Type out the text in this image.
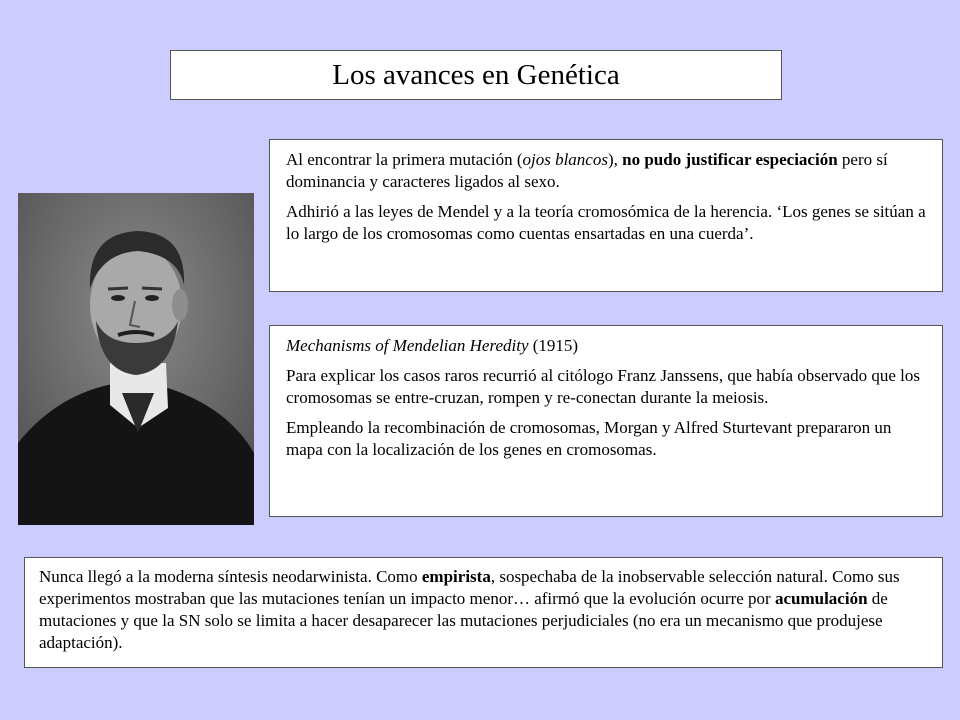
Los avances en Genética

Al encontrar la primera mutación (ojos blancos), no pudo justificar especiación pero sí dominancia y caracteres ligados al sexo.

Adhirió a las leyes de Mendel y a la teoría cromosómica de la herencia. ‘Los genes se sitúan a lo largo de los cromosomas como cuentas ensartadas en una cuerda’.

Mechanisms of Mendelian Heredity (1915)

Para explicar los casos raros recurrió al citólogo Franz Janssens, que había observado que los cromosomas se entre-cruzan, rompen y re-conectan durante la meiosis.

Empleando la recombinación de cromosomas, Morgan y Alfred Sturtevant prepararon un mapa con la localización de los genes en cromosomas.

Nunca llegó a la moderna síntesis neodarwinista. Como empirista, sospechaba de la inobservable selección natural. Como sus experimentos mostraban que las mutaciones tenían un impacto menor… afirmó que la evolución ocurre por acumulación de mutaciones y que la SN solo se limita a hacer desaparecer las mutaciones perjudiciales (no era un mecanismo que produjese adaptación).
